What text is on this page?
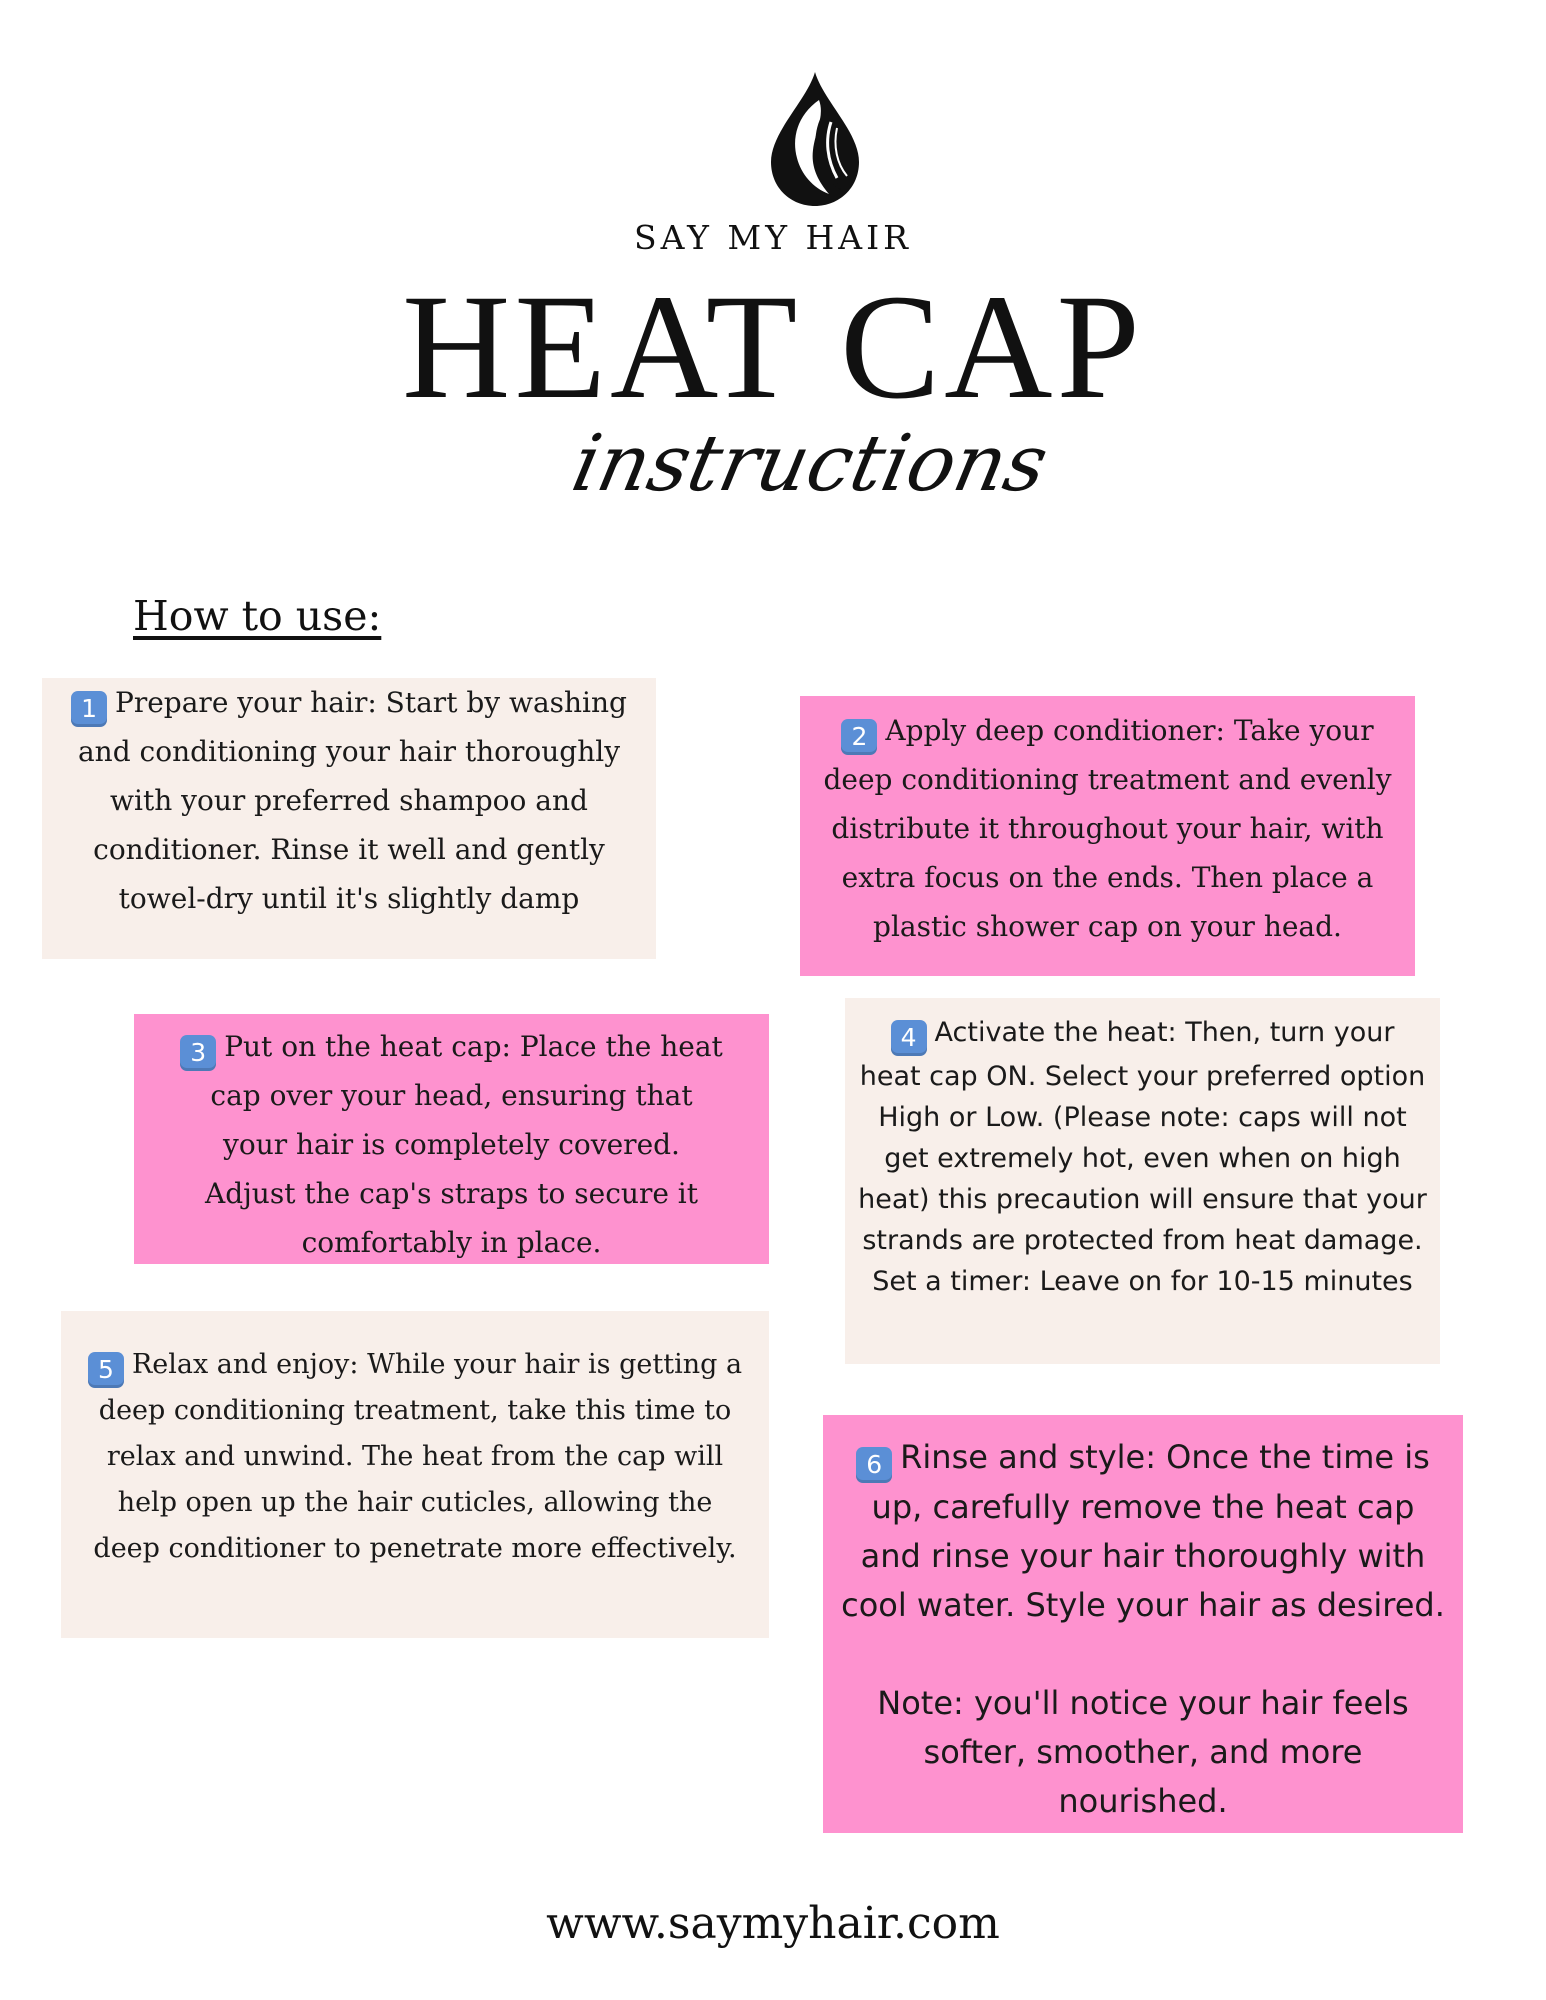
SAY MY HAIR
HEAT CAP
instructions
How to use:
1 Prepare your hair: Start by washing and conditioning your hair thoroughly with your preferred shampoo and conditioner. Rinse it well and gently towel-dry until it's slightly damp
2 Apply deep conditioner: Take your deep conditioning treatment and evenly distribute it throughout your hair, with extra focus on the ends. Then place a plastic shower cap on your head.
3 Put on the heat cap: Place the heat cap over your head, ensuring that your hair is completely covered. Adjust the cap's straps to secure it comfortably in place.
4 Activate the heat: Then, turn your heat cap ON. Select your preferred option High or Low. (Please note: caps will not get extremely hot, even when on high heat) this precaution will ensure that your strands are protected from heat damage. Set a timer: Leave on for 10-15 minutes
5 Relax and enjoy: While your hair is getting a deep conditioning treatment, take this time to relax and unwind. The heat from the cap will help open up the hair cuticles, allowing the deep conditioner to penetrate more effectively.
6 Rinse and style: Once the time is up, carefully remove the heat cap and rinse your hair thoroughly with cool water. Style your hair as desired.
Note: you'll notice your hair feels softer, smoother, and more nourished.
www.saymyhair.com
